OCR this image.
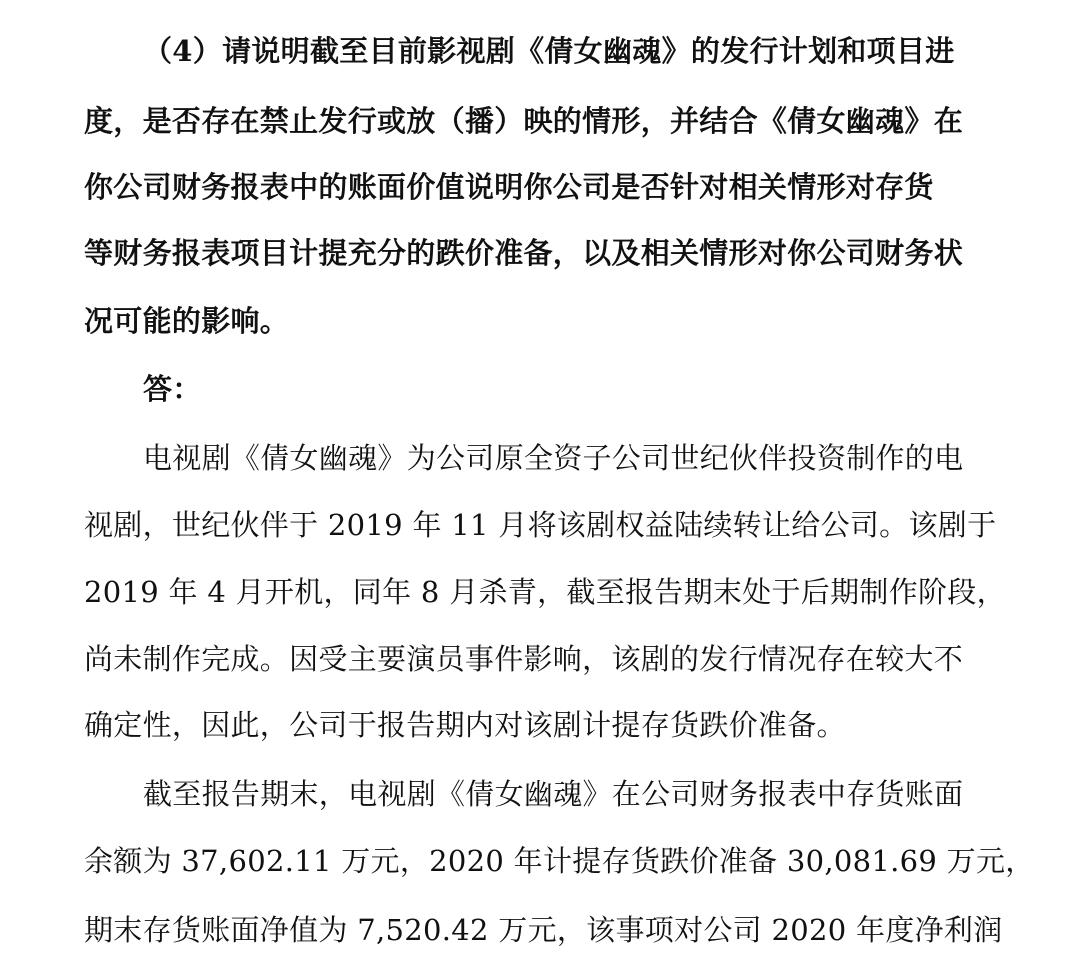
（4）请说明截至目前影视剧《倩女幽魂》的发行计划和项目进
度，是否存在禁止发行或放（播）映的情形，并结合《倩女幽魂》在
你公司财务报表中的账面价值说明你公司是否针对相关情形对存货
等财务报表项目计提充分的跌价准备，以及相关情形对你公司财务状
况可能的影响。
答：
电视剧《倩女幽魂》为公司原全资子公司世纪伙伴投资制作的电
视剧，世纪伙伴于 2019 年 11 月将该剧权益陆续转让给公司。该剧于
2019 年 4 月开机，同年 8 月杀青，截至报告期末处于后期制作阶段，
尚未制作完成。因受主要演员事件影响，该剧的发行情况存在较大不
确定性，因此，公司于报告期内对该剧计提存货跌价准备。
截至报告期末，电视剧《倩女幽魂》在公司财务报表中存货账面
余额为 37,602.11 万元，2020 年计提存货跌价准备 30,081.69 万元，
期末存货账面净值为 7,520.42 万元，该事项对公司 2020 年度净利润
